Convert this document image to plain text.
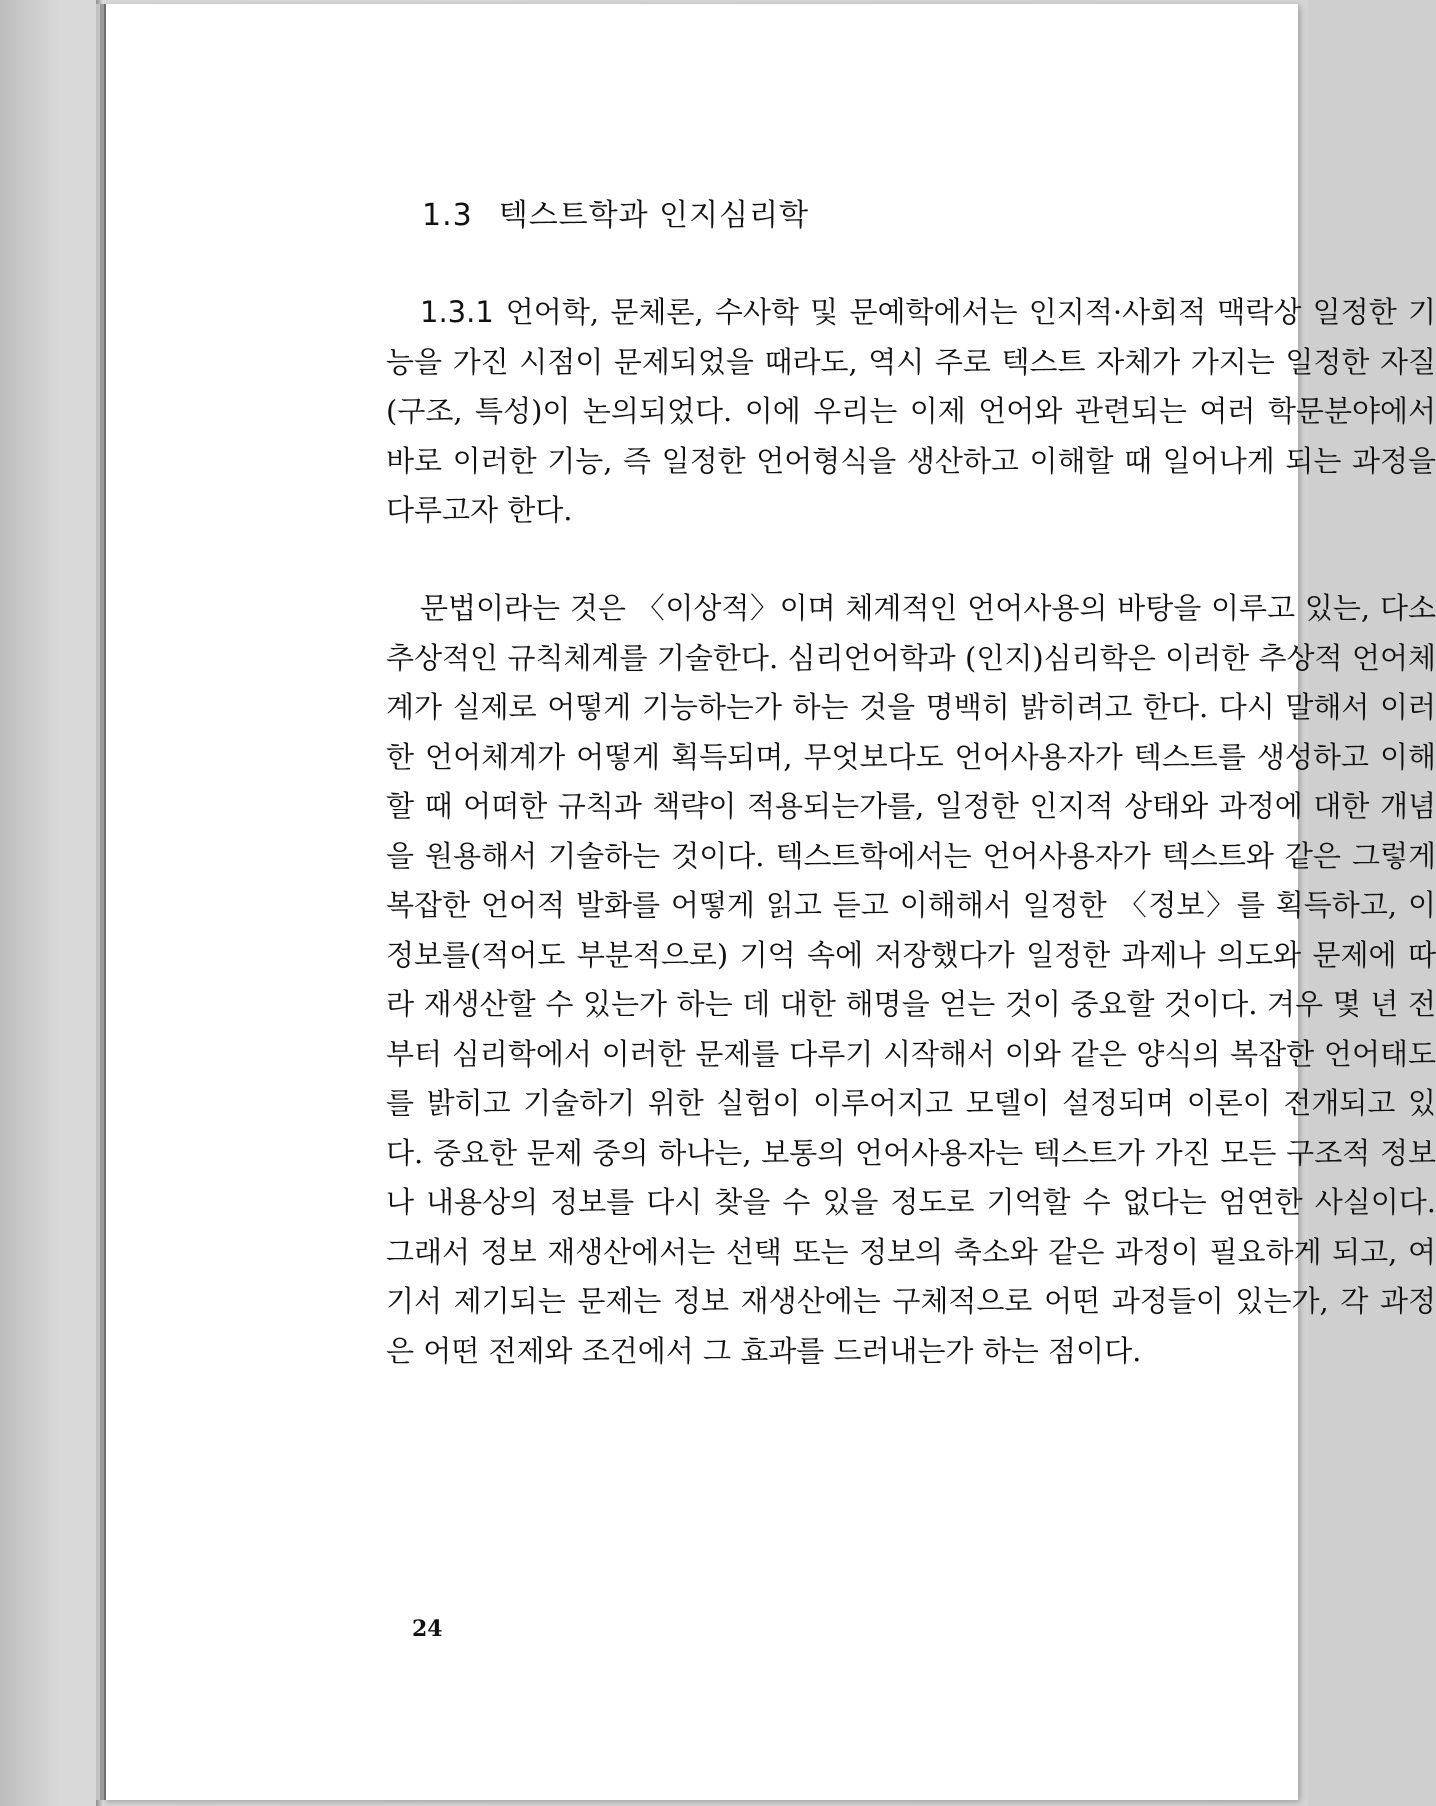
1.3 텍스트학과 인지심리학

1.3.1 언어학, 문체론, 수사학 및 문예학에서는 인지적·사회적 맥락상 일정한 기능을 가진 시점이 문제되었을 때라도, 역시 주로 텍스트 자체가 가지는 일정한 자질(구조, 특성)이 논의되었다. 이에 우리는 이제 언어와 관련되는 여러 학문분야에서 바로 이러한 기능, 즉 일정한 언어형식을 생산하고 이해할 때 일어나게 되는 과정을 다루고자 한다.

문법이라는 것은 〈이상적〉이며 체계적인 언어사용의 바탕을 이루고 있는, 다소 추상적인 규칙체계를 기술한다. 심리언어학과 (인지)심리학은 이러한 추상적 언어체계가 실제로 어떻게 기능하는가 하는 것을 명백히 밝히려고 한다. 다시 말해서 이러한 언어체계가 어떻게 획득되며, 무엇보다도 언어사용자가 텍스트를 생성하고 이해할 때 어떠한 규칙과 책략이 적용되는가를, 일정한 인지적 상태와 과정에 대한 개념을 원용해서 기술하는 것이다. 텍스트학에서는 언어사용자가 텍스트와 같은 그렇게 복잡한 언어적 발화를 어떻게 읽고 듣고 이해해서 일정한 〈정보〉를 획득하고, 이 정보를(적어도 부분적으로) 기억 속에 저장했다가 일정한 과제나 의도와 문제에 따라 재생산할 수 있는가 하는 데 대한 해명을 얻는 것이 중요할 것이다. 겨우 몇 년 전부터 심리학에서 이러한 문제를 다루기 시작해서 이와 같은 양식의 복잡한 언어태도를 밝히고 기술하기 위한 실험이 이루어지고 모델이 설정되며 이론이 전개되고 있다. 중요한 문제 중의 하나는, 보통의 언어사용자는 텍스트가 가진 모든 구조적 정보나 내용상의 정보를 다시 찾을 수 있을 정도로 기억할 수 없다는 엄연한 사실이다. 그래서 정보 재생산에서는 선택 또는 정보의 축소와 같은 과정이 필요하게 되고, 여기서 제기되는 문제는 정보 재생산에는 구체적으로 어떤 과정들이 있는가, 각 과정은 어떤 전제와 조건에서 그 효과를 드러내는가 하는 점이다.

24
